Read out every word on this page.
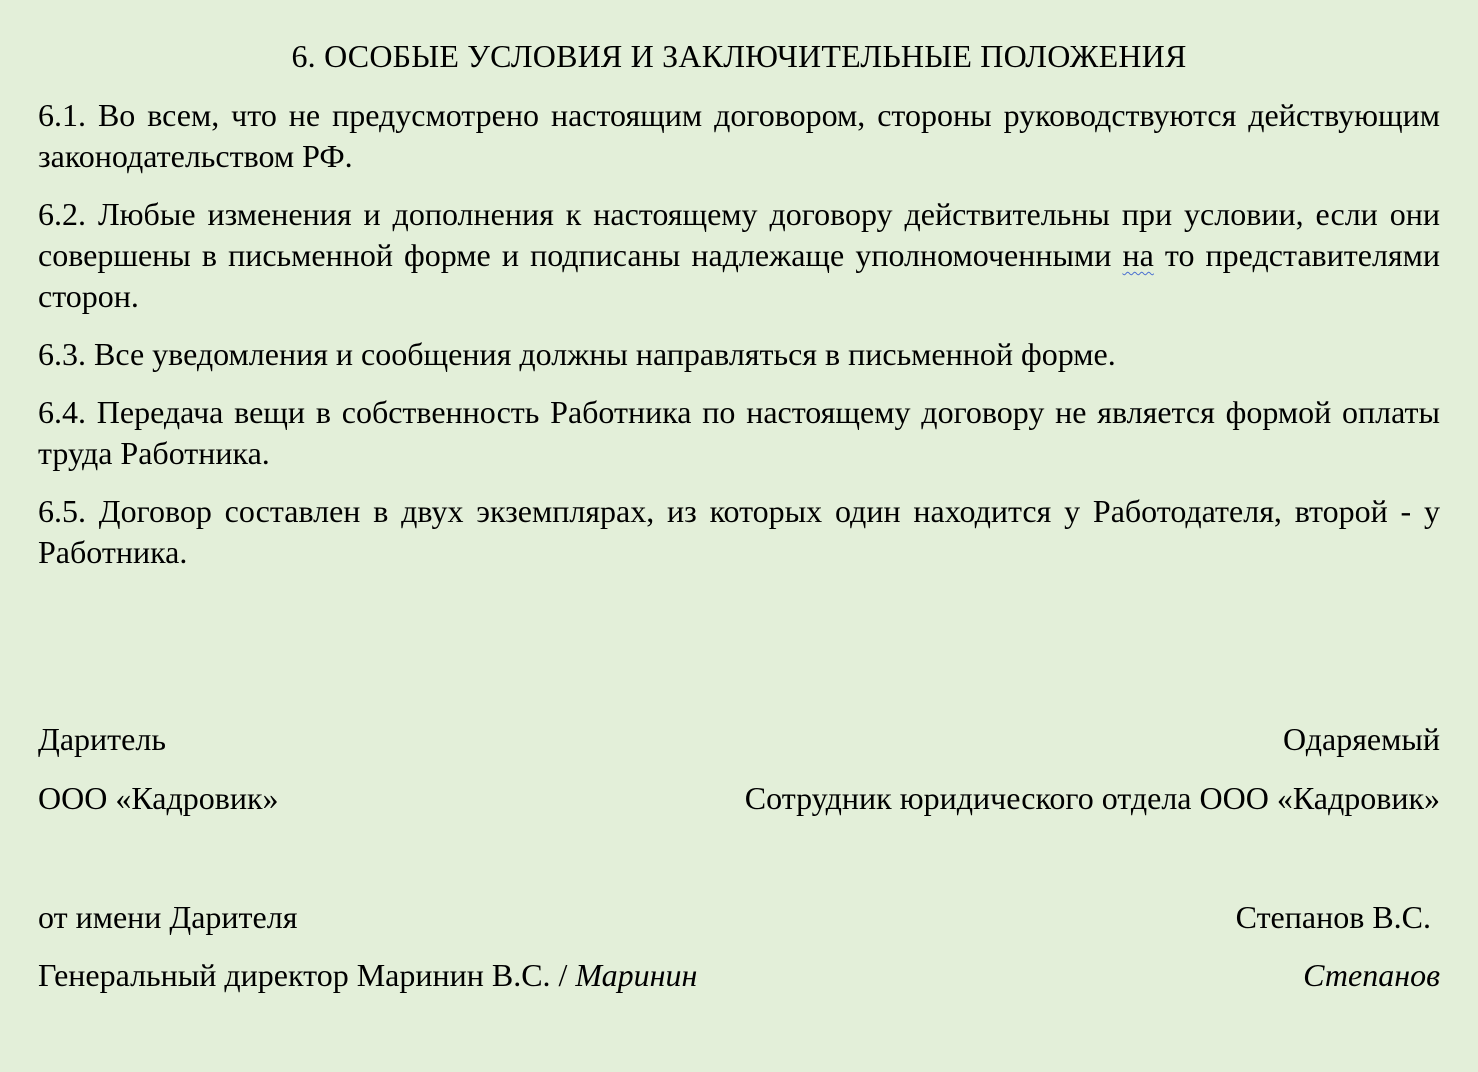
6. ОСОБЫЕ УСЛОВИЯ И ЗАКЛЮЧИТЕЛЬНЫЕ ПОЛОЖЕНИЯ

6.1. Во всем, что не предусмотрено настоящим договором, стороны руководствуются действующим законодательством РФ.

6.2. Любые изменения и дополнения к настоящему договору действительны при условии, если они совершены в письменной форме и подписаны надлежаще уполномоченными на то представителями сторон.

6.3. Все уведомления и сообщения должны направляться в письменной форме.

6.4. Передача вещи в собственность Работника по настоящему договору не является формой оплаты труда Работника.

6.5. Договор составлен в двух экземплярах, из которых один находится у Работодателя, второй - у Работника.

Даритель	Одаряемый
ООО «Кадровик»	Сотрудник юридического отдела ООО «Кадровик»
от имени Дарителя	Степанов В.С.
Генеральный директор Маринин В.С. / Маринин	Степанов
